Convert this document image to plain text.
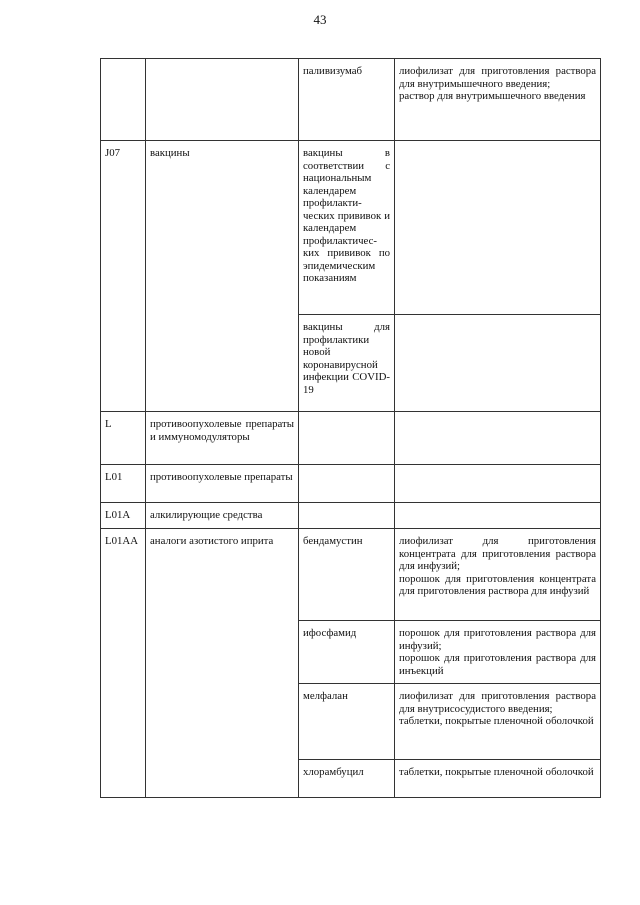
43
		паливизумаб	лиофилизат для приготовления раствора для внутримышечного введения;
раствор для внутримышечного введения

J07	вакцины	вакцины в соответствии с национальным календарем профилакти-ческих прививок и календарем профилактичес-ких прививок по эпидемическим показаниям	
		вакцины для профилактики новой коронавирусной инфекции COVID-19	
L	противоопухолевые препараты и иммуномодуляторы		
L01	противоопухолевые препараты		
L01A	алкилирующие средства		
L01AA	аналоги азотистого иприта	бендамустин	лиофилизат для приготовления концентрата для приготовления раствора для инфузий;
порошок для приготовления концентрата для приготовления раствора для инфузий

		ифосфамид	порошок для приготовления раствора для инфузий;
порошок для приготовления раствора для инъекций

		мелфалан	лиофилизат для приготовления раствора для внутрисосудистого введения;
таблетки, покрытые пленочной оболочкой

		хлорамбуцил	таблетки, покрытые пленочной оболочкой
